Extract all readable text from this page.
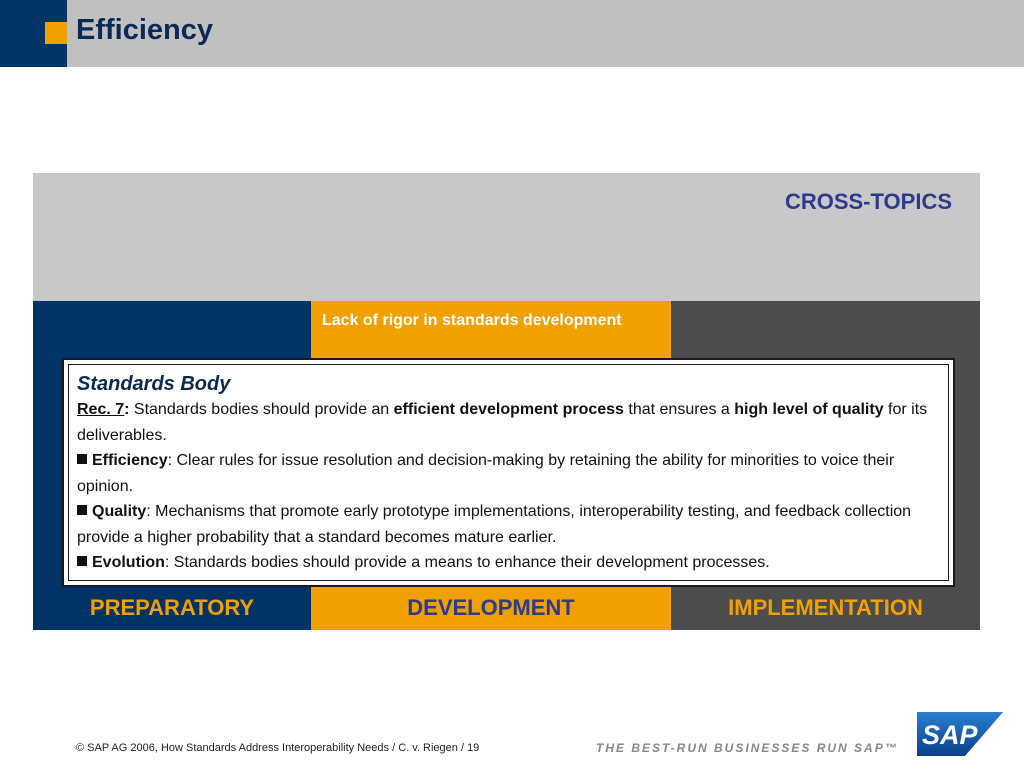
Efficiency
CROSS-TOPICS
PREPARATORY
Lack of rigor in standards development
DEVELOPMENT	IMPLEMENTATION
Standards Body
Rec. 7: Standards bodies should provide an efficient development process that ensures a high level of quality for its deliverables.
Efficiency: Clear rules for issue resolution and decision-making by retaining the ability for minorities to voice their opinion.
Quality: Mechanisms that promote early prototype implementations, interoperability testing, and feedback collection provide a higher probability that a standard becomes mature earlier.
Evolution: Standards bodies should provide a means to enhance their development processes.
© SAP AG 2006, How Standards Address Interoperability Needs / C. v. Riegen / 19	THE BEST-RUN BUSINESSES RUN SAP™ SAP
